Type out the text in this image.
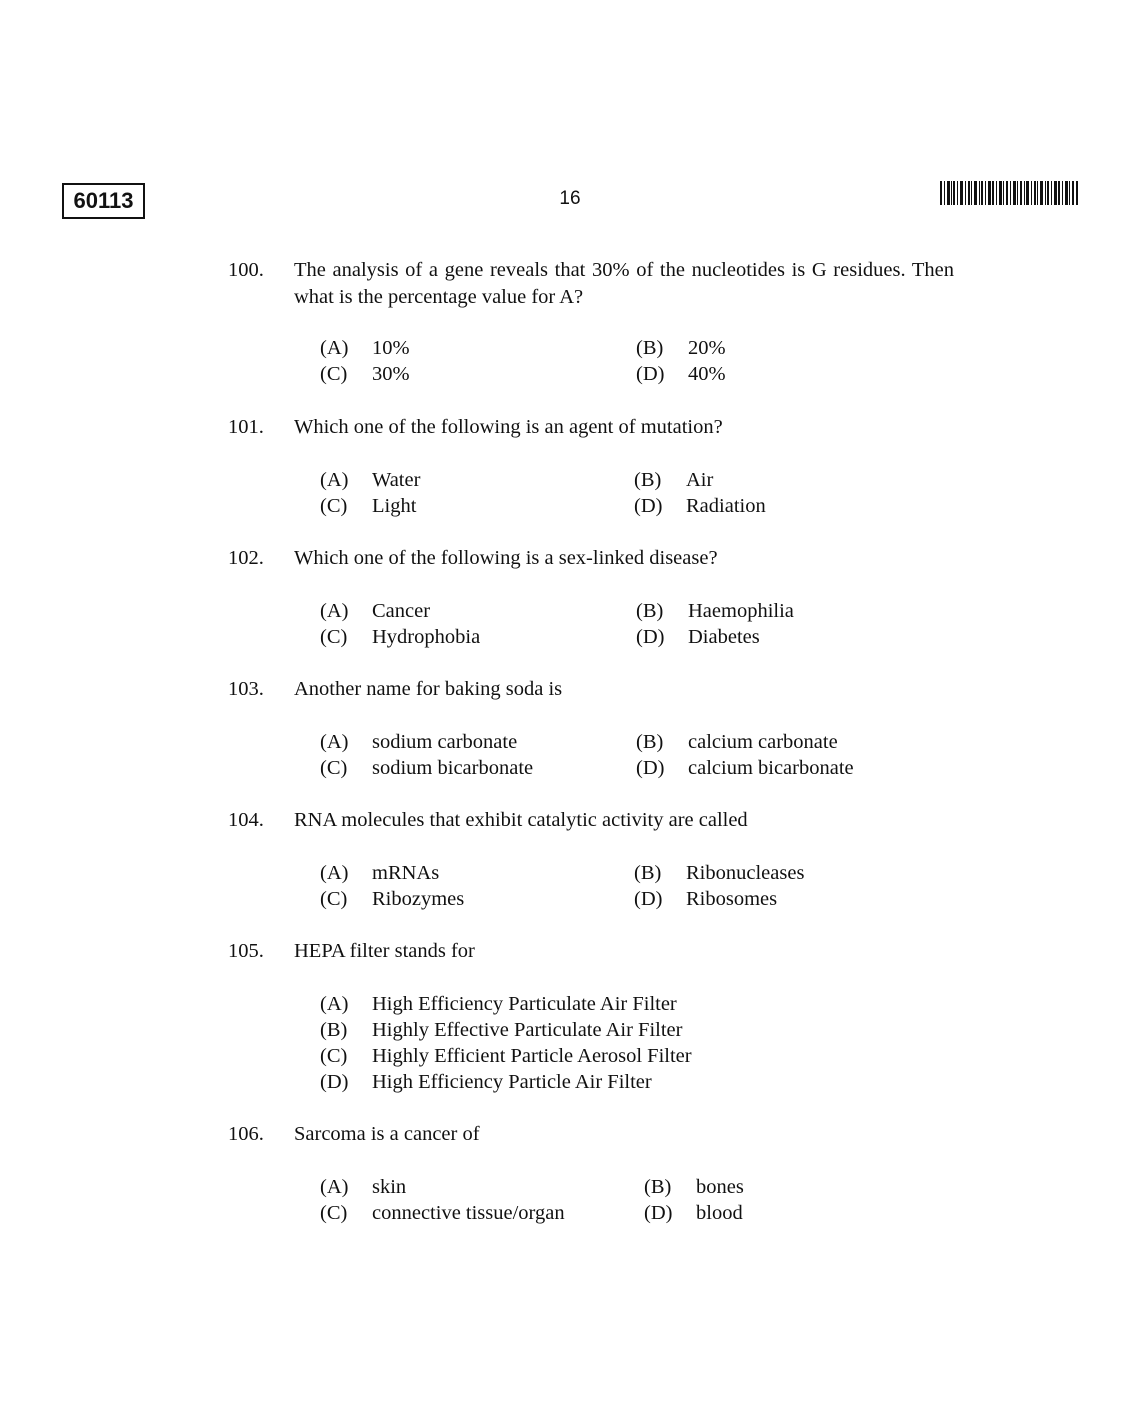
60113	16
100. The analysis of a gene reveals that 30% of the nucleotides is G residues. Then what is the percentage value for A?
(A) 10%	(B) 20%
(C) 30%	(D) 40%
101. Which one of the following is an agent of mutation?
(A) Water	(B) Air
(C) Light	(D) Radiation
102. Which one of the following is a sex-linked disease?
(A) Cancer	(B) Haemophilia
(C) Hydrophobia	(D) Diabetes
103. Another name for baking soda is
(A) sodium carbonate	(B) calcium carbonate
(C) sodium bicarbonate	(D) calcium bicarbonate
104. RNA molecules that exhibit catalytic activity are called
(A) mRNAs	(B) Ribonucleases
(C) Ribozymes	(D) Ribosomes
105. HEPA filter stands for
(A) High Efficiency Particulate Air Filter
(B) Highly Effective Particulate Air Filter
(C) Highly Efficient Particle Aerosol Filter
(D) High Efficiency Particle Air Filter
106. Sarcoma is a cancer of
(A) skin	(B) bones
(C) connective tissue/organ	(D) blood
